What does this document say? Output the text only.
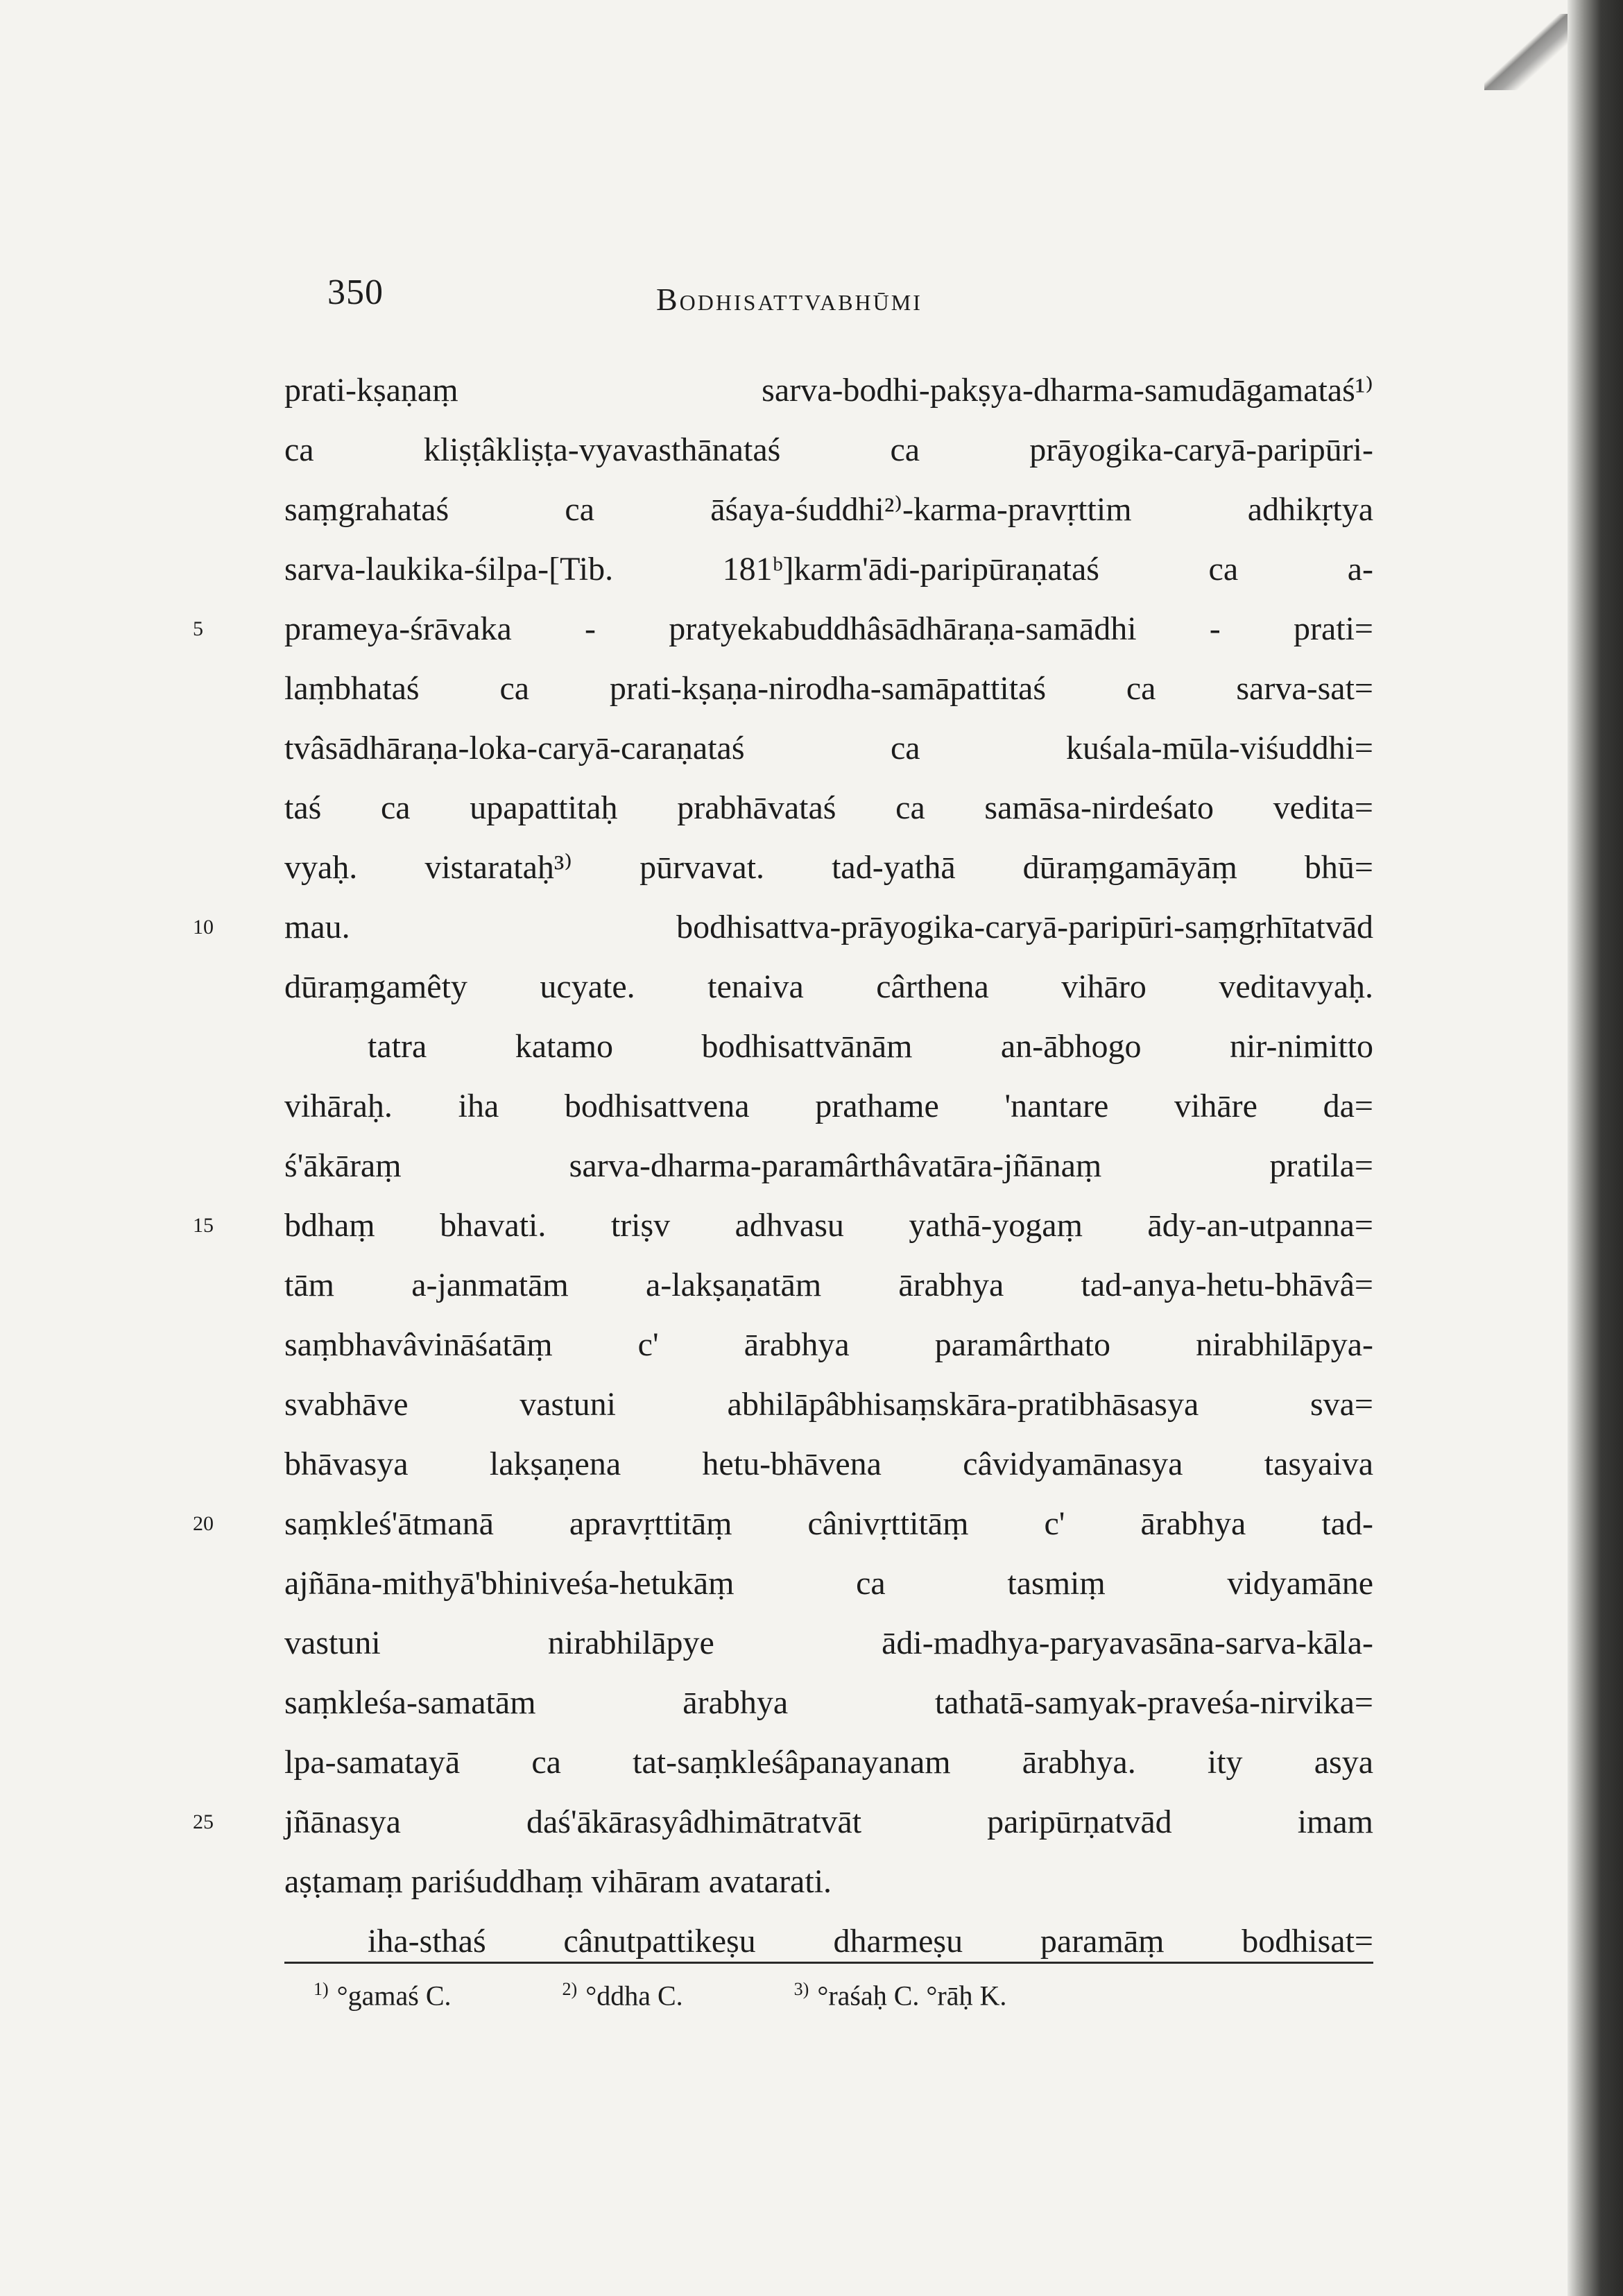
350	Bodhisattvabhūmi
prati-kṣaṇaṃ sarva-bodhi-pakṣya-dharma-samudāgamataś¹⁾
ca kliṣṭâkliṣṭa-vyavasthānataś ca prāyogika-caryā-paripūri-
saṃgrahataś ca āśaya-śuddhi²⁾-karma-pravṛttim adhikṛtya
sarva-laukika-śilpa-[Tib. 181ᵇ]karm'ādi-paripūraṇataś ca a-
prameya-śrāvaka - pratyekabuddhâsādhāraṇa-samādhi - prati=
laṃbhataś ca prati-kṣaṇa-nirodha-samāpattitaś ca sarva-sat=
tvâsādhāraṇa-loka-caryā-caraṇataś ca kuśala-mūla-viśuddhi=
taś ca upapattitaḥ prabhāvataś ca samāsa-nirdeśato vedita=
vyaḥ. vistarataḥ³⁾ pūrvavat. tad-yathā dūraṃgamāyāṃ bhū=
mau. bodhisattva-prāyogika-caryā-paripūri-saṃgṛhītatvād
dūraṃgamêty ucyate. tenaiva cârthena vihāro veditavyaḥ.
tatra katamo bodhisattvānām an-ābhogo nir-nimitto
vihāraḥ. iha bodhisattvena prathame 'nantare vihāre da=
ś'ākāraṃ sarva-dharma-paramârthâvatāra-jñānaṃ pratila=
bdhaṃ bhavati. triṣv adhvasu yathā-yogaṃ ādy-an-utpanna=
tām a-janmatām a-lakṣaṇatām ārabhya tad-anya-hetu-bhāvâ=
saṃbhavâvināśatāṃ c' ārabhya paramârthato nirabhilāpya-
svabhāve vastuni abhilāpâbhisaṃskāra-pratibhāsasya sva=
bhāvasya lakṣaṇena hetu-bhāvena câvidyamānasya tasyaiva
saṃkleś'ātmanā apravṛttitāṃ cânivṛttitāṃ c' ārabhya tad-
ajñāna-mithyā'bhiniveśa-hetukāṃ ca tasmiṃ vidyamāne
vastuni nirabhilāpye ādi-madhya-paryavasāna-sarva-kāla-
saṃkleśa-samatām ārabhya tathatā-samyak-praveśa-nirvika=
lpa-samatayā ca tat-saṃkleśâpanayanam ārabhya. ity asya
jñānasya daś'ākārasyâdhimātratvāt paripūrṇatvād imam
aṣṭamaṃ pariśuddhaṃ vihāram avatarati.
iha-sthaś cânutpattikeṣu dharmeṣu paramāṃ bodhisat=
5
10
15
20
25
$^{1)}$ °gamaś C.	$^{2)}$ °ddha C.	$^{3)}$ °raśaḥ C. °rāḥ K.
